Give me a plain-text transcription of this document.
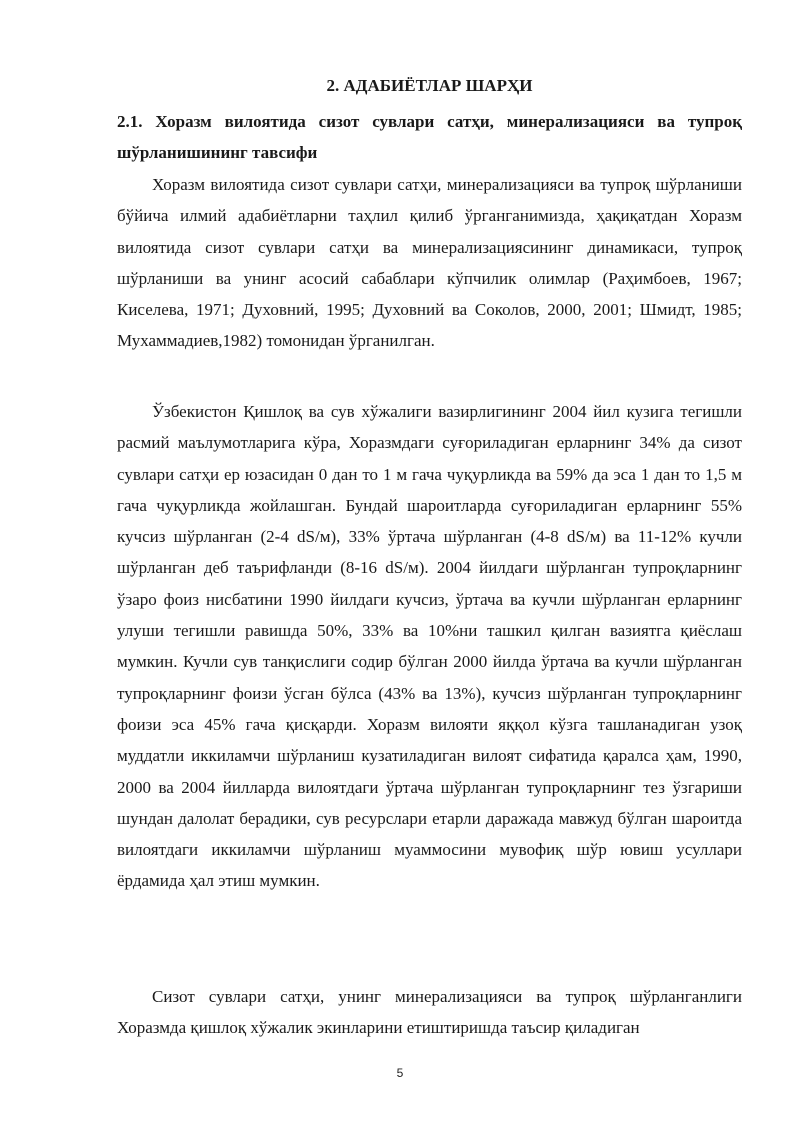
2. АДАБИЁТЛАР ШАРҲИ
2.1. Хоразм вилоятида сизот сувлари сатҳи, минерализацияси ва тупроқ шўрланишининг тавсифи

Хоразм вилоятида сизот сувлари сатҳи, минерализацияси ва тупроқ шўрланиши бўйича илмий адабиётларни таҳлил қилиб ўрганганимизда, ҳақиқатдан Хоразм вилоятида сизот сувлари сатҳи ва минерализациясининг динамикаси, тупроқ шўрланиши ва унинг асосий сабаблари кўпчилик олимлар (Раҳимбоев, 1967; Киселева, 1971; Духовний, 1995; Духовний ва Соколов, 2000, 2001; Шмидт, 1985; Мухаммадиев,1982) томонидан ўрганилган.

Ўзбекистон Қишлоқ ва сув хўжалиги вазирлигининг 2004 йил кузига тегишли расмий маълумотларига кўра, Хоразмдаги суғориладиган ерларнинг 34% да сизот сувлари сатҳи ер юзасидан 0 дан то 1 м гача чуқурликда ва 59% да эса 1 дан то 1,5 м гача чуқурликда жойлашган. Бундай шароитларда суғориладиган ерларнинг 55% кучсиз шўрланган (2-4 dS/м), 33% ўртача шўрланган (4-8 dS/м) ва 11-12% кучли шўрланган деб таърифланди (8-16 dS/м). 2004 йилдаги шўрланган тупроқларнинг ўзаро фоиз нисбатини 1990 йилдаги кучсиз, ўртача ва кучли шўрланган ерларнинг улуши тегишли равишда 50%, 33% ва 10%ни ташкил қилган вазиятга қиёслаш мумкин. Кучли сув танқислиги содир бўлган 2000 йилда ўртача ва кучли шўрланган тупроқларнинг фоизи ўсган бўлса (43% ва 13%), кучсиз шўрланган тупроқларнинг фоизи эса 45% гача қисқарди. Хоразм вилояти яққол кўзга ташланадиган узоқ муддатли иккиламчи шўрланиш кузатиладиган вилоят сифатида қаралса ҳам, 1990, 2000 ва 2004 йилларда вилоятдаги ўртача шўрланган тупроқларнинг тез ўзгариши шундан далолат берадики, сув ресурслари етарли даражада мавжуд бўлган шароитда вилоятдаги иккиламчи шўрланиш муаммосини мувофиқ шўр ювиш усуллари ёрдамида ҳал этиш мумкин.

Сизот сувлари сатҳи, унинг минерализацияси ва тупроқ шўрланганлиги Хоразмда қишлоқ хўжалик экинларини етиштиришда таъсир қиладиган

5
